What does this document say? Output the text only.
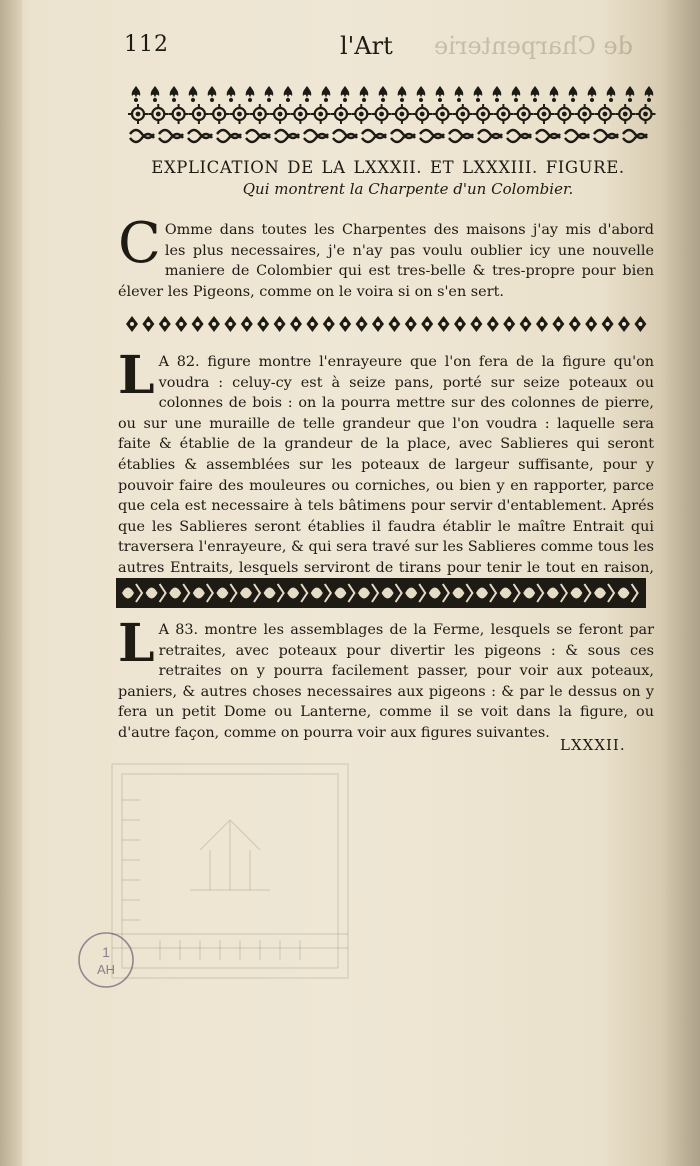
112	l'Art de Charpenterie
EXPLICATION DE LA LXXXII. ET LXXXIII. FIGURE.
Qui montrent la Charpente d'un Colombier.
C Omme dans toutes les Charpentes des maisons j'ay mis d'abord les plus necessaires, j'e n'ay pas voulu oublier icy une nouvelle maniere de Colombier qui est tres-belle & tres-propre pour bien élever les Pigeons, comme on le voira si on s'en sert.
L A 82. figure montre l'enrayeure que l'on fera de la figure qu'on voudra : celuy-cy est à seize pans, porté sur seize poteaux ou colonnes de bois : on la pourra mettre sur des colonnes de pierre, ou sur une muraille de telle grandeur que l'on voudra : laquelle sera faite & établie de la grandeur de la place, avec Sablieres qui seront établies & assemblées sur les poteaux de largeur suffisante, pour y pouvoir faire des mouleures ou corniches, ou bien y en rapporter, parce que cela est necessaire à tels bâtimens pour servir d'entablement. Aprés que les Sablieres seront établies il faudra établir le maître Entrait qui traversera l'enrayeure, & qui sera travé sur les Sablieres comme tous les autres Entraits, lesquels serviront de tirans pour tenir le tout en raison,
L A 83. montre les assemblages de la Ferme, lesquels se feront par retraites, avec poteaux pour divertir les pigeons : & sous ces retraites on y pourra facilement passer, pour voir aux poteaux, paniers, & autres choses necessaires aux pigeons : & par le dessus on y fera un petit Dome ou Lanterne, comme il se voit dans la figure, ou d'autre façon, comme on pourra voir aux figures suivantes.
LXXXII.
1
AH
